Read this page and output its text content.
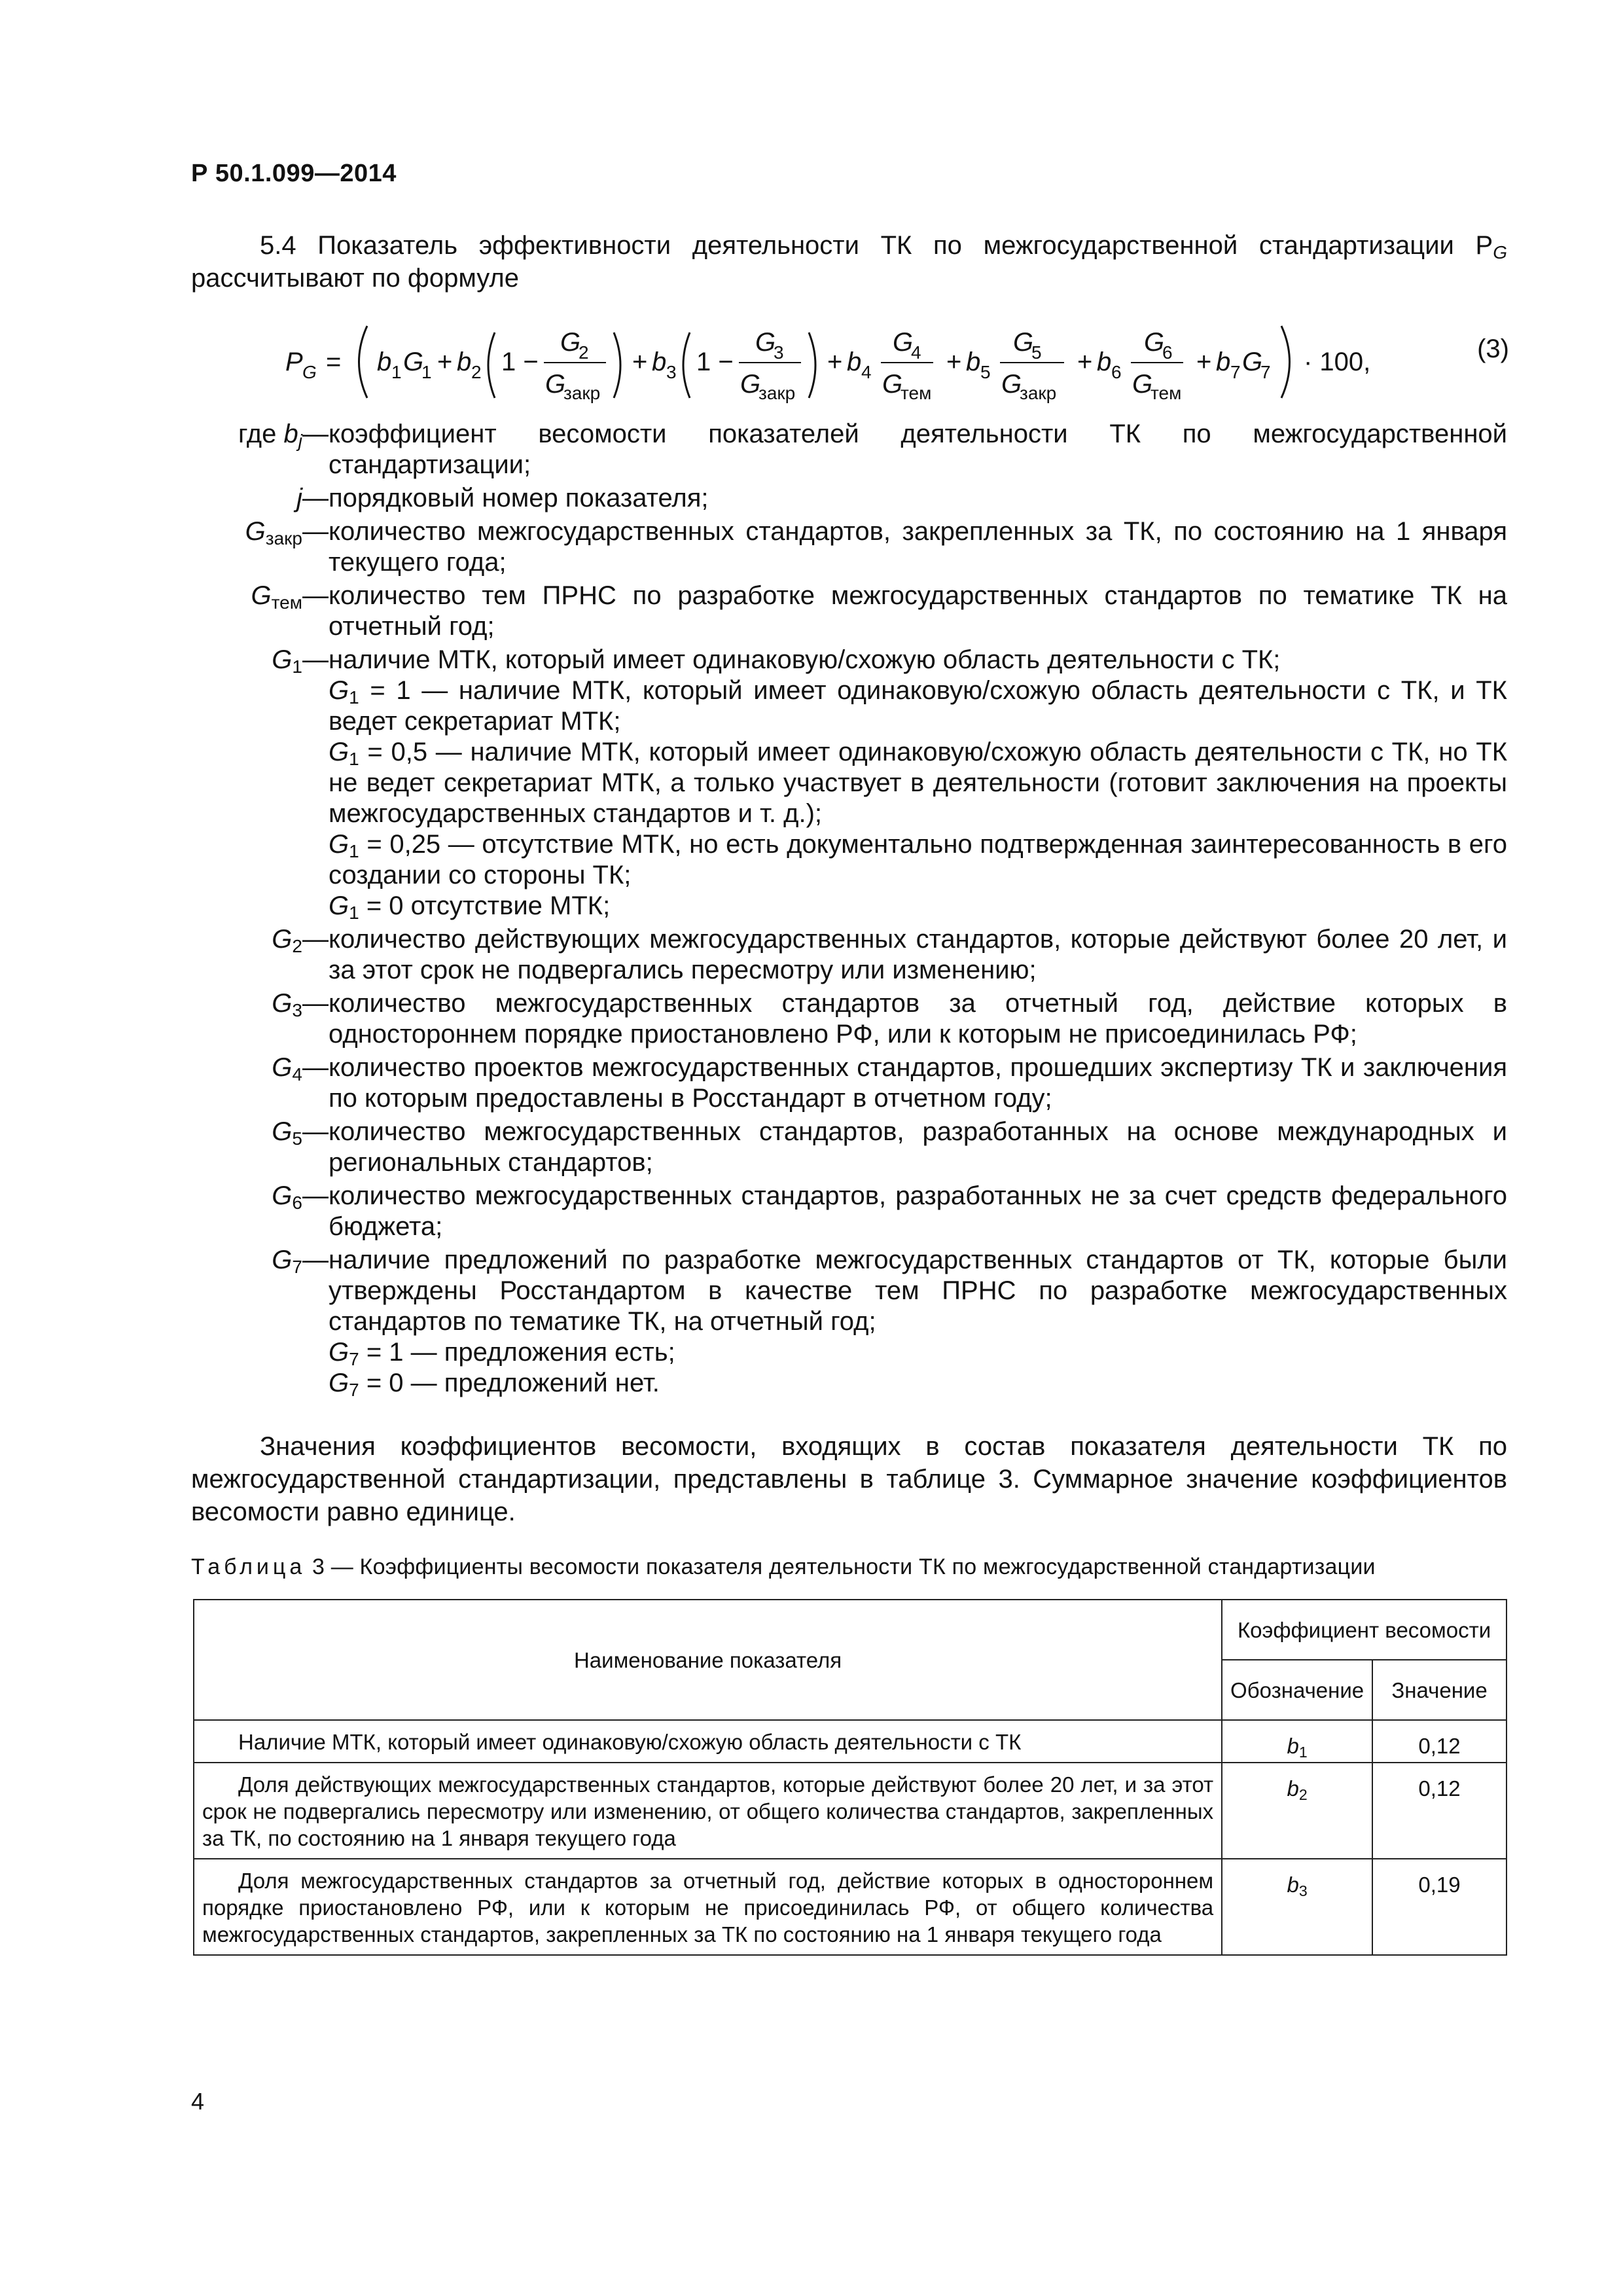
Р 50.1.099—2014
5.4 Показатель эффективности деятельности ТК по межгосударственной стандартизации $P_G$ рассчитывают по формуле
P G = b 1 G
1 + b 2 1 −
G
2
G
закр
+ b 3 1 −
G
3
G
закр
+ b 4
G
4
G
тем
+ b 5
G
5
G
закр
+ b 6
G
6
G
тем
+ b 7 G
7 · 100,	(3)
где $b_j$ — коэффициент весомости показателей деятельности ТК по межгосударственной стандартизации;
j — порядковый номер показателя;
$G_{закр}$ — количество межгосударственных стандартов, закрепленных за ТК, по состоянию на 1 января текущего года;
$G_{тем}$ — количество тем ПРНС по разработке межгосударственных стандартов по тематике ТК на отчетный год;
$G_1$ — наличие МТК, который имеет одинаковую/схожую область деятельности с ТК;
$G_1 = 1$ — наличие МТК, который имеет одинаковую/схожую область деятельности с ТК, и ТК ведет секретариат МТК;
$G_1 = 0,5$ — наличие МТК, который имеет одинаковую/схожую область деятельности с ТК, но ТК не ведет секретариат МТК, а только участвует в деятельности (готовит заключения на проекты межгосударственных стандартов и т. д.);
$G_1 = 0,25$ — отсутствие МТК, но есть документально подтвержденная заинтересованность в его создании со стороны ТК;
$G_1 = 0$ отсутствие МТК;
$G_2$ — количество действующих межгосударственных стандартов, которые действуют более 20 лет, и за этот срок не подвергались пересмотру или изменению;
$G_3$ — количество межгосударственных стандартов за отчетный год, действие которых в одностороннем порядке приостановлено РФ, или к которым не присоединилась РФ;
$G_4$ — количество проектов межгосударственных стандартов, прошедших экспертизу ТК и заключения по которым предоставлены в Росстандарт в отчетном году;
$G_5$ — количество межгосударственных стандартов, разработанных на основе международных и региональных стандартов;
$G_6$ — количество межгосударственных стандартов, разработанных не за счет средств федерального бюджета;
$G_7$ — наличие предложений по разработке межгосударственных стандартов от ТК, которые были утверждены Росстандартом в качестве тем ПРНС по разработке межгосударственных стандартов по тематике ТК, на отчетный год;
$G_7 = 1$ — предложения есть;
$G_7 = 0$ — предложений нет.
Значения коэффициентов весомости, входящих в состав показателя деятельности ТК по межгосударственной стандартизации, представлены в таблице 3. Суммарное значение коэффициентов весомости равно единице.
Таблица 3 — Коэффициенты весомости показателя деятельности ТК по межгосударственной стандартизации
Наименование показателя	Коэффициент весомости	
	Обозначение	Значение
Наличие МТК, который имеет одинаковую/схожую область деятельности с ТК	$b_1$	0,12
Доля действующих межгосударственных стандартов, которые действуют более 20 лет, и за этот срок не подвергались пересмотру или изменению, от общего количества стандартов, закрепленных за ТК, по состоянию на 1 января текущего года	$b_2$	0,12
Доля межгосударственных стандартов за отчетный год, действие которых в одностороннем порядке приостановлено РФ, или к которым не присоединилась РФ, от общего количества межгосударственных стандартов, закрепленных за ТК по состоянию на 1 января текущего года	$b_3$	0,19
4
